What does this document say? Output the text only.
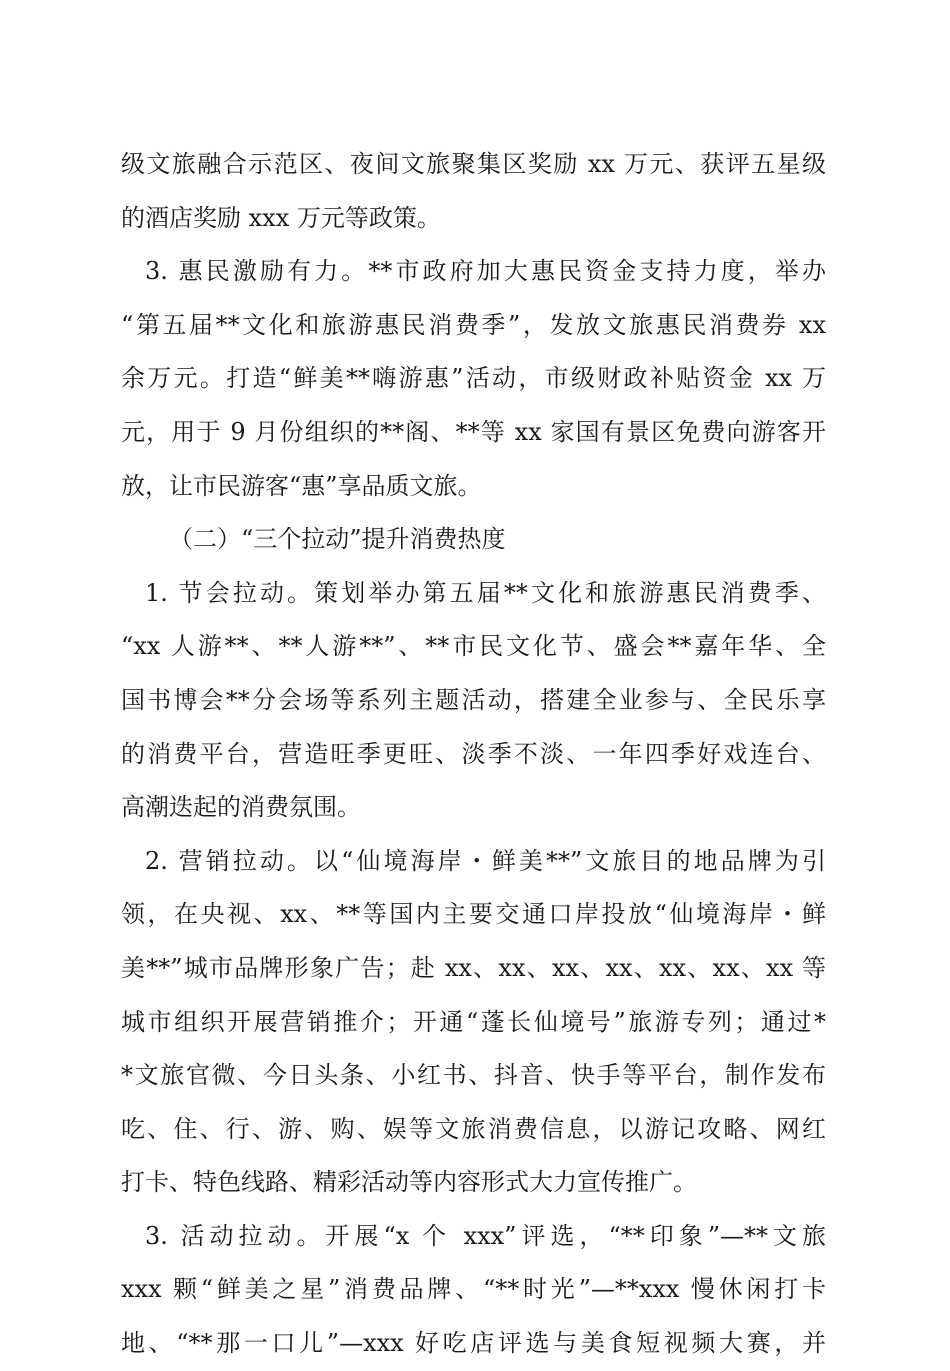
级文旅融合示范区、夜间文旅聚集区奖励 xx 万元、获评五星级
的酒店奖励 xxx 万元等政策。
3. 惠民激励有力。**市政府加大惠民资金支持力度，举办
“第五届**文化和旅游惠民消费季”，发放文旅惠民消费券 xx
余万元。打造“鲜美**嗨游惠”活动，市级财政补贴资金 xx 万
元，用于 9 月份组织的**阁、**等 xx 家国有景区免费向游客开
放，让市民游客“惠”享品质文旅。
（二）“三个拉动”提升消费热度
1. 节会拉动。策划举办第五届**文化和旅游惠民消费季、
“xx 人游**、**人游**”、**市民文化节、盛会**嘉年华、全
国书博会**分会场等系列主题活动，搭建全业参与、全民乐享
的消费平台，营造旺季更旺、淡季不淡、一年四季好戏连台、
高潮迭起的消费氛围。
2. 营销拉动。以“仙境海岸・鲜美**”文旅目的地品牌为引
领，在央视、xx、**等国内主要交通口岸投放“仙境海岸・鲜
美**”城市品牌形象广告；赴 xx、xx、xx、xx、xx、xx、xx 等
城市组织开展营销推介；开通“蓬长仙境号”旅游专列；通过*
*文旅官微、今日头条、小红书、抖音、快手等平台，制作发布
吃、住、行、游、购、娱等文旅消费信息，以游记攻略、网红
打卡、特色线路、精彩活动等内容形式大力宣传推广。
3. 活动拉动。开展“x 个 xxx”评选，“**印象”—**文旅
xxx 颗“鲜美之星”消费品牌、“**时光”—**xxx 慢休闲打卡
地、“**那一口儿”—xxx 好吃店评选与美食短视频大赛，并
